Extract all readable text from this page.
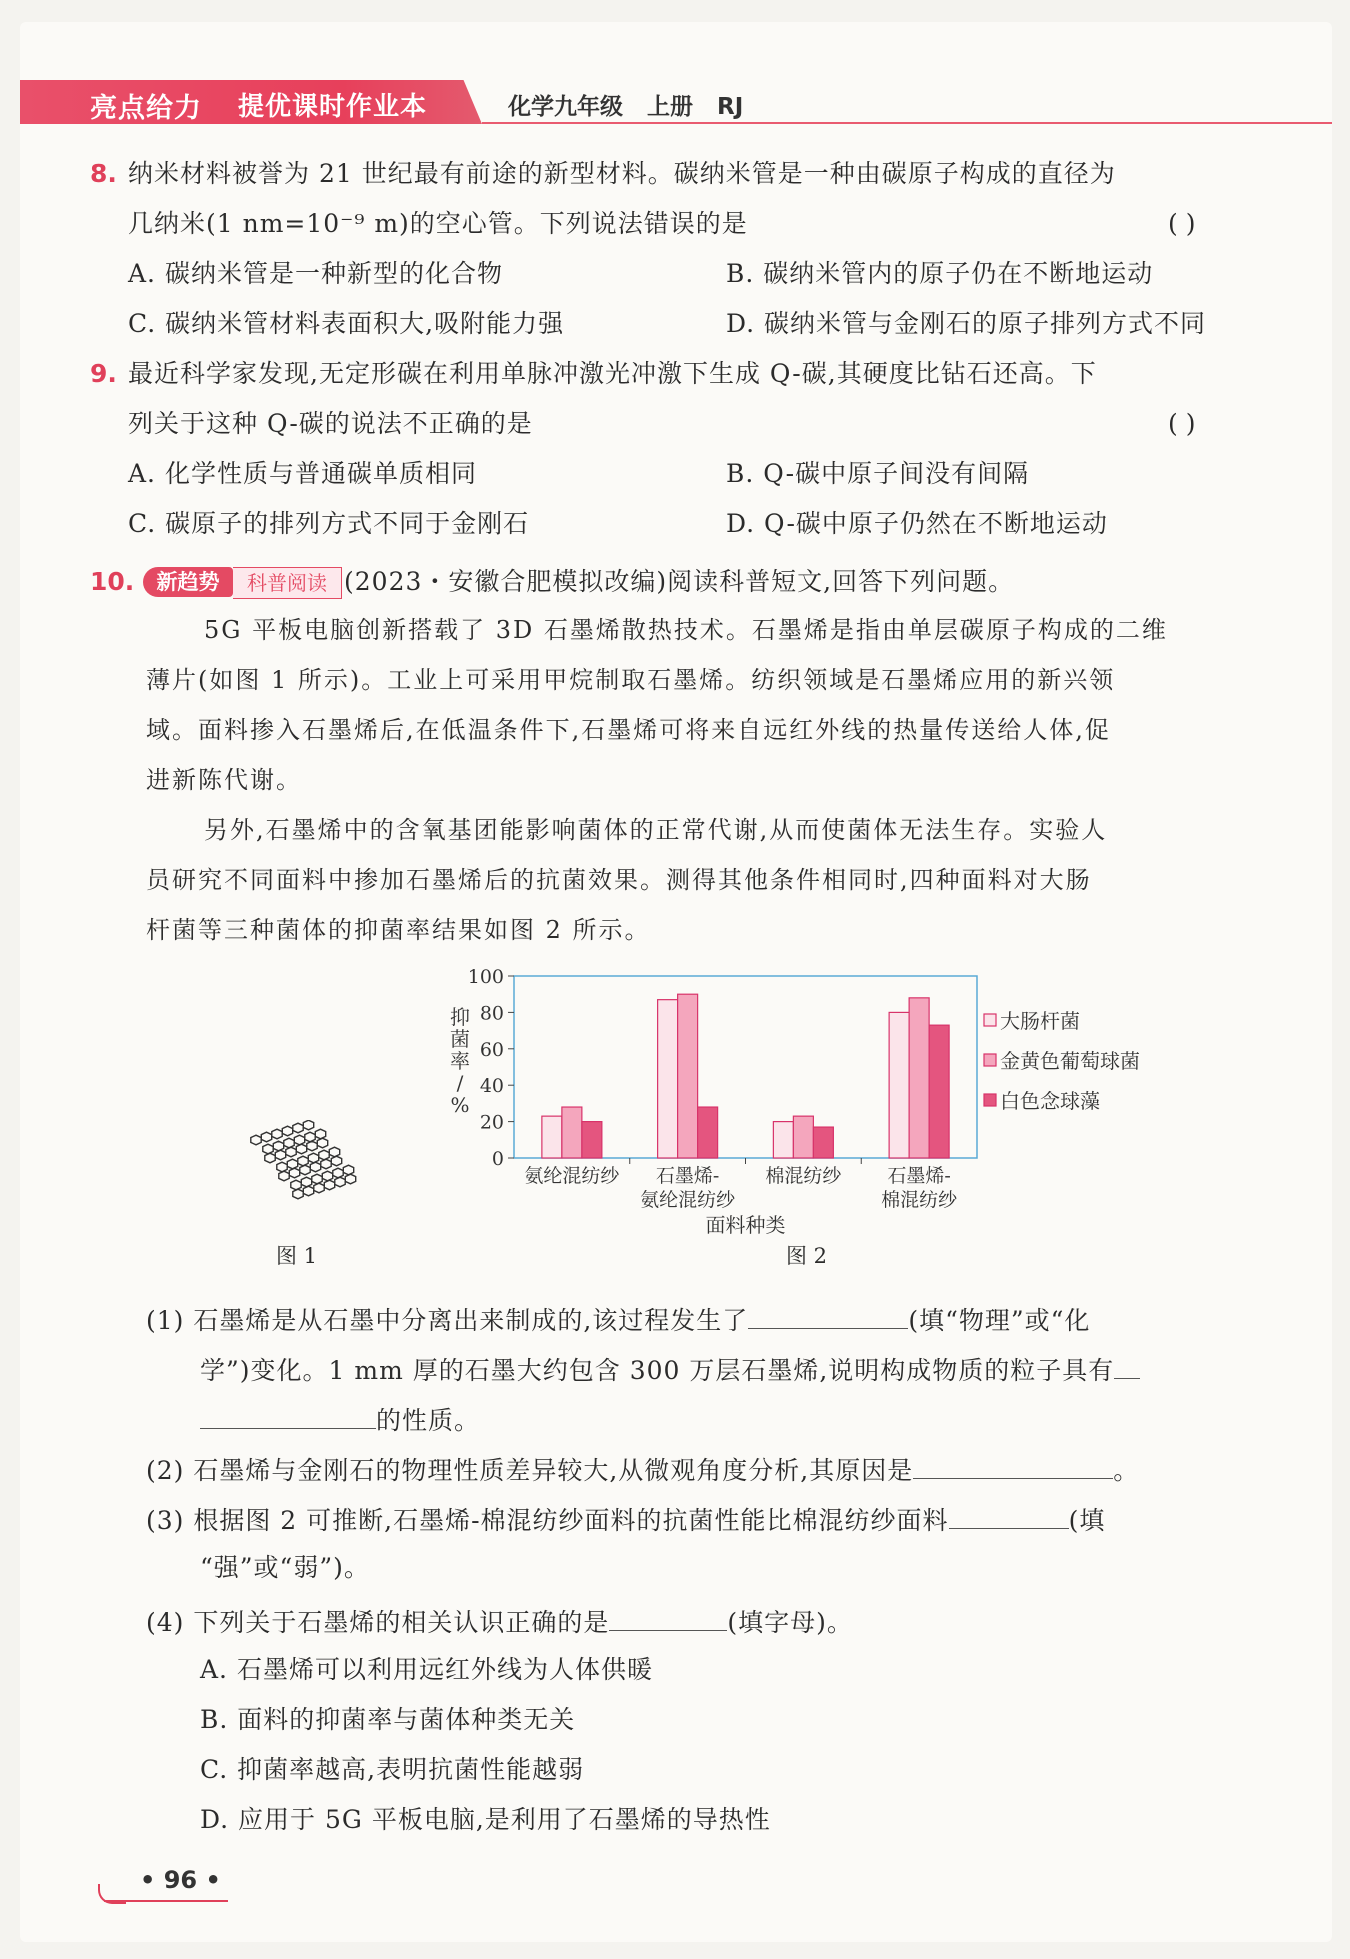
亮点给力 提优课时作业本	化学九年级   上册   RJ
8. 纳米材料被誉为 21 世纪最有前途的新型材料。碳纳米管是一种由碳原子构成的直径为
几纳米(1 nm=10⁻⁹ m)的空心管。下列说法错误的是	( )
A. 碳纳米管是一种新型的化合物	B. 碳纳米管内的原子仍在不断地运动
C. 碳纳米管材料表面积大,吸附能力强	D. 碳纳米管与金刚石的原子排列方式不同
9. 最近科学家发现,无定形碳在利用单脉冲激光冲激下生成 Q-碳,其硬度比钻石还高。下
列关于这种 Q-碳的说法不正确的是	( )
A. 化学性质与普通碳单质相同	B. Q-碳中原子间没有间隔
C. 碳原子的排列方式不同于金刚石	D. Q-碳中原子仍然在不断地运动
10.	新趋势	科普阅读 (2023・安徽合肥模拟改编)阅读科普短文,回答下列问题。
5G 平板电脑创新搭载了 3D 石墨烯散热技术。石墨烯是指由单层碳原子构成的二维
薄片(如图 1 所示)。工业上可采用甲烷制取石墨烯。纺织领域是石墨烯应用的新兴领
域。面料掺入石墨烯后,在低温条件下,石墨烯可将来自远红外线的热量传送给人体,促
进新陈代谢。
另外,石墨烯中的含氧基团能影响菌体的正常代谢,从而使菌体无法生存。实验人
员研究不同面料中掺加石墨烯后的抗菌效果。测得其他条件相同时,四种面料对大肠
杆菌等三种菌体的抑菌率结果如图 2 所示。
图 1
0
20
40
60
80
100
抑菌率/ %
氨纶混纺纱 石墨烯-
氨纶混纺纱
棉混纺纱 石墨烯-
棉混纺纱
面料种类
大肠杆菌
金黄色葡萄球菌
白色念球藻
图 2
(1) 石墨烯是从石墨中分离出来制成的,该过程发生了	(填“物理”或“化
学”)变化。1 mm 厚的石墨大约包含 300 万层石墨烯,说明构成物质的粒子具有
的性质。
(2) 石墨烯与金刚石的物理性质差异较大,从微观角度分析,其原因是	。
(3) 根据图 2 可推断,石墨烯-棉混纺纱面料的抗菌性能比棉混纺纱面料	(填
“强”或“弱”)。
(4) 下列关于石墨烯的相关认识正确的是	(填字母)。
A. 石墨烯可以利用远红外线为人体供暖
B. 面料的抑菌率与菌体种类无关
C. 抑菌率越高,表明抗菌性能越弱
D. 应用于 5G 平板电脑,是利用了石墨烯的导热性
• 96 •
